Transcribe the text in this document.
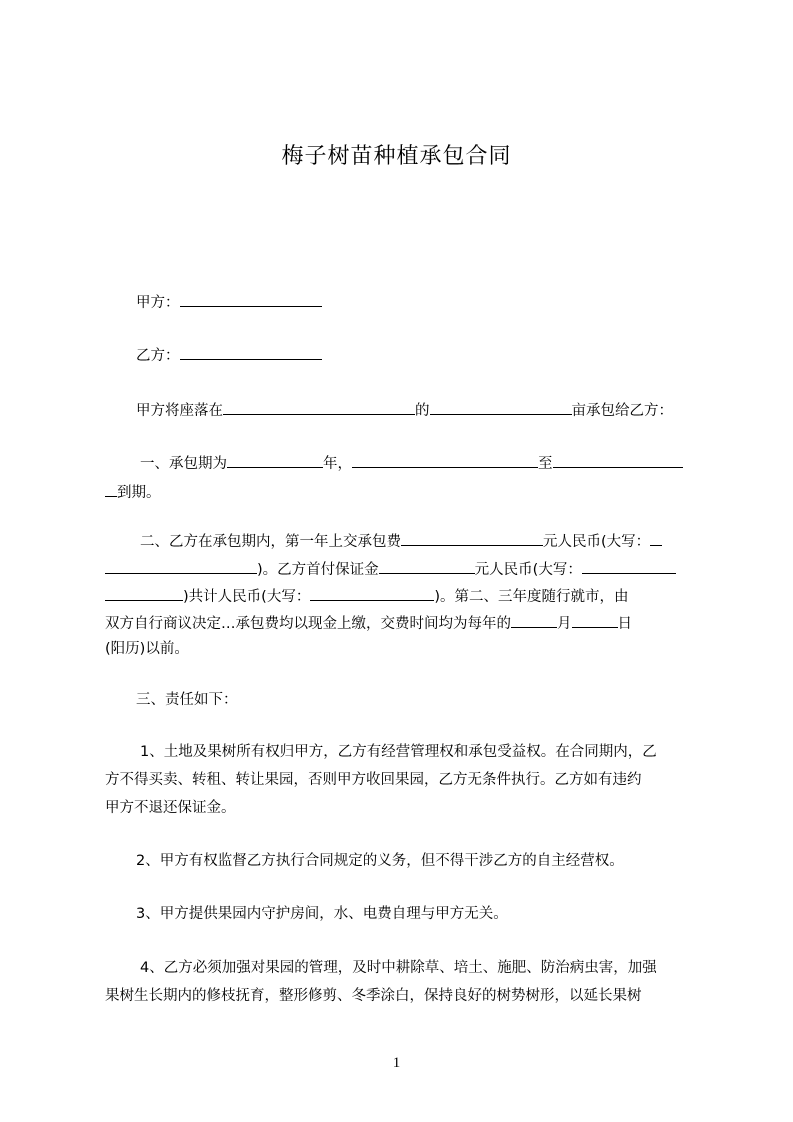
梅子树苗种植承包合同
甲方：
乙方：
甲方将座落在	的	亩承包给乙方：
一、承包期为	年，	至
到期。
二、乙方在承包期内，第一年上交承包费	元人民币(大写：
)。乙方首付保证金	元人民币(大写：
)共计人民币(大写：	)。第二、三年度随行就市，由
双方自行商议决定…承包费均以现金上缴，交费时间均为每年的	月	日
(阳历)以前。
三、责任如下：
1、土地及果树所有权归甲方，乙方有经营管理权和承包受益权。在合同期内，乙
方不得买卖、转租、转让果园，否则甲方收回果园，乙方无条件执行。乙方如有违约
甲方不退还保证金。
2、甲方有权监督乙方执行合同规定的义务，但不得干涉乙方的自主经营权。
3、甲方提供果园内守护房间，水、电费自理与甲方无关。
4、乙方必须加强对果园的管理，及时中耕除草、培土、施肥、防治病虫害，加强
果树生长期内的修枝抚育，整形修剪、冬季涂白，保持良好的树势树形，以延长果树
1
